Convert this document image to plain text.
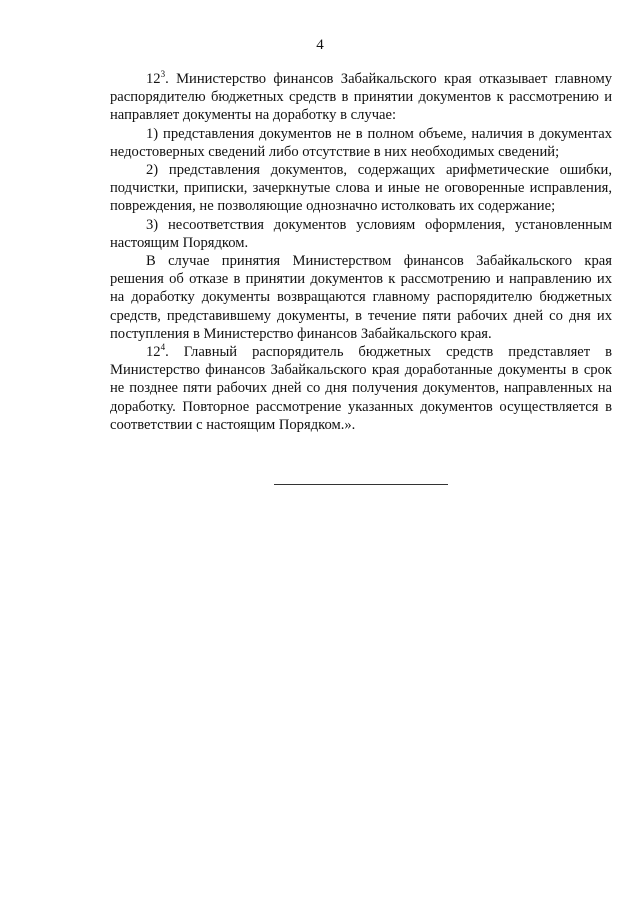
4

$12^3$. Министерство финансов Забайкальского края отказывает главному распорядителю бюджетных средств в принятии документов к рассмотрению и направляет документы на доработку в случае:

1) представления документов не в полном объеме, наличия в документах недостоверных сведений либо отсутствие в них необходимых сведений;

2) представления документов, содержащих арифметические ошибки, подчистки, приписки, зачеркнутые слова и иные не оговоренные исправления, повреждения, не позволяющие однозначно истолковать их содержание;

3) несоответствия документов условиям оформления, установленным настоящим Порядком.

В случае принятия Министерством финансов Забайкальского края решения об отказе в принятии документов к рассмотрению и направлению их на доработку документы возвращаются главному распорядителю бюджетных средств, представившему документы, в течение пяти рабочих дней со дня их поступления в Министерство финансов Забайкальского края.

$12^4$. Главный распорядитель бюджетных средств представляет в Министерство финансов Забайкальского края доработанные документы в срок не позднее пяти рабочих дней со дня получения документов, направленных на доработку. Повторное рассмотрение указанных документов осуществляется в соответствии с настоящим Порядком.».
